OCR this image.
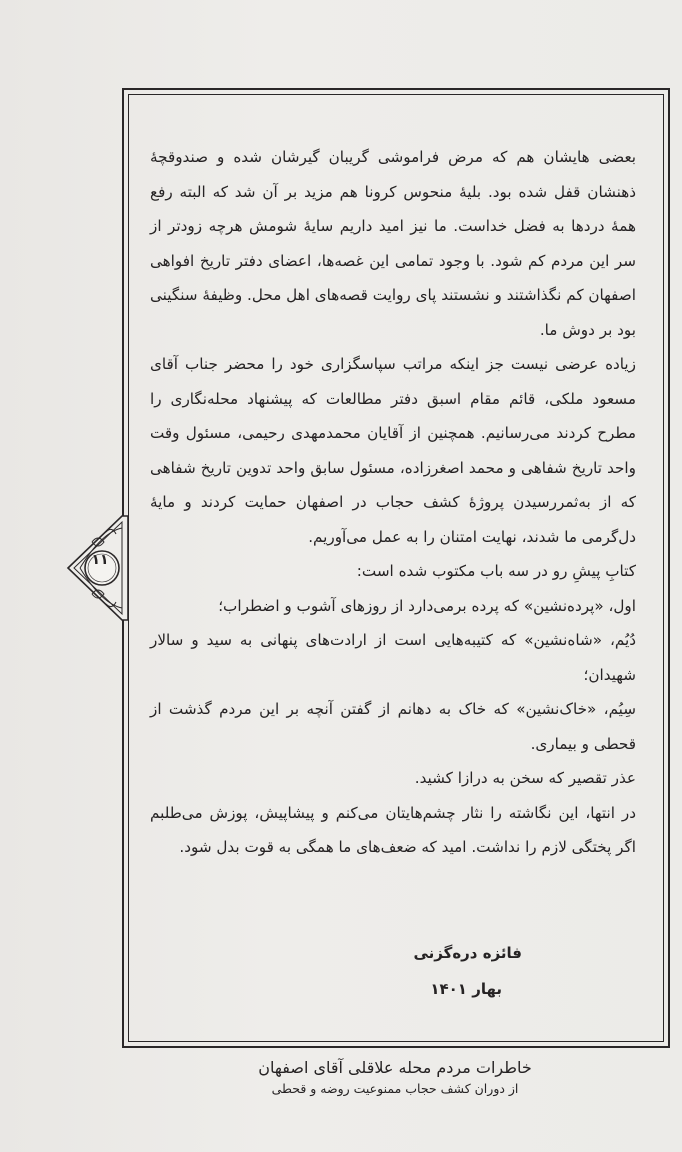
بعضی هایشان هم که مرض فراموشی گریبان گیرشان شده و صندوقچهٔ ذهنشان قفل شده بود. بلیهٔ منحوس کرونا هم مزید بر آن شد که البته رفع همهٔ دردها به فضل خداست. ما نیز امید داریم سایهٔ شومش هرچه زودتر از سر این مردم کم شود. با وجود تمامی این غصه‌ها، اعضای دفتر تاریخ افواهی اصفهان کم نگذاشتند و نشستند پای روایت قصه‌های اهل محل. وظیفهٔ سنگینی بود بر دوش ما.

زیاده عرضی نیست جز اینکه مراتب سپاسگزاری خود را محضر جناب آقای مسعود ملکی، قائم مقام اسبق دفتر مطالعات که پیشنهاد محله‌نگاری را مطرح کردند می‌رسانیم. همچنین از آقایان محمدمهدی رحیمی، مسئول وقت واحد تاریخ شفاهی و محمد اصغرزاده، مسئول سابق واحد تدوین تاریخ شفاهی که از به‌ثمررسیدن پروژهٔ کشف حجاب در اصفهان حمایت کردند و مایهٔ دل‌گرمی ما شدند، نهایت امتنان را به عمل می‌آوریم.

کتابِ پیشِ رو در سه باب مکتوب شده است:

اول، «پرده‌نشین» که پرده برمی‌دارد از روزهای آشوب و اضطراب؛

دُیُم، «شاه‌نشین» که کتیبه‌هایی است از ارادت‌های پنهانی به سید و سالار شهیدان؛

سِیُم، «خاک‌نشین» که خاک به دهانم از گفتن آنچه بر این مردم گذشت از قحطی و بیماری.

عذر تقصیر که سخن به درازا کشید.

در انتها، این نگاشته را نثار چشم‌هایتان می‌کنم و پیشاپیش، پوزش می‌طلبم اگر پختگی لازم را نداشت. امید که ضعف‌های ما همگی به قوت بدل شود.

فائزه دره‌گزنی
بهار ۱۴۰۱
۱۱
خاطرات مردم محله علاقلی آقای اصفهان
از دوران کشف حجاب ممنوعیت روضه و قحطی
